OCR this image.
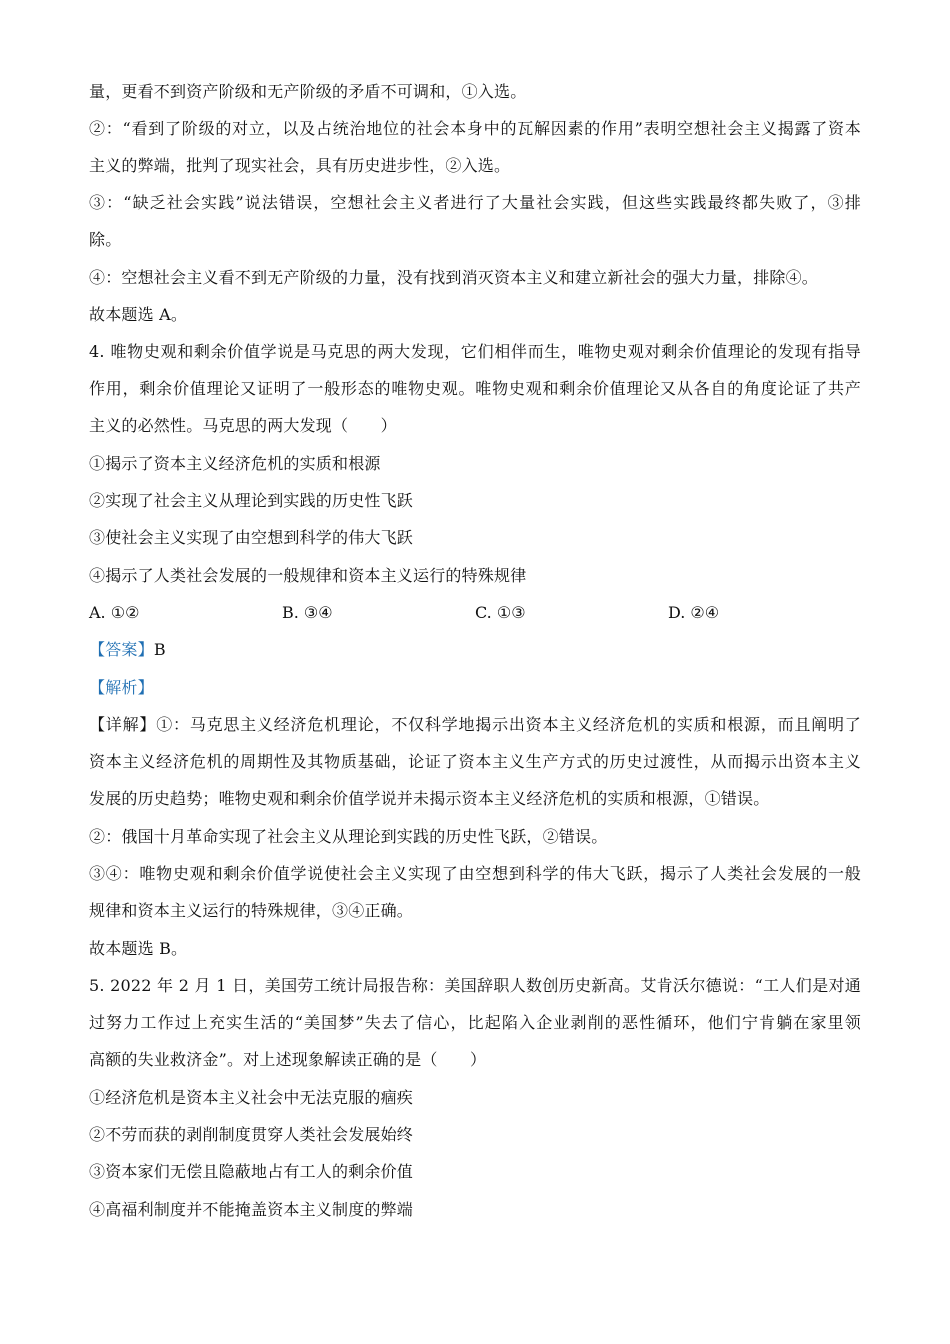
量，更看不到资产阶级和无产阶级的矛盾不可调和，①入选。
②：“看到了阶级的对立，以及占统治地位的社会本身中的瓦解因素的作用”表明空想社会主义揭露了资本
主义的弊端，批判了现实社会，具有历史进步性，②入选。
③：“缺乏社会实践”说法错误，空想社会主义者进行了大量社会实践，但这些实践最终都失败了，③排
除。
④：空想社会主义看不到无产阶级的力量，没有找到消灭资本主义和建立新社会的强大力量，排除④。
故本题选 A。
4. 唯物史观和剩余价值学说是马克思的两大发现，它们相伴而生，唯物史观对剩余价值理论的发现有指导
作用，剩余价值理论又证明了一般形态的唯物史观。唯物史观和剩余价值理论又从各自的角度论证了共产
主义的必然性。马克思的两大发现（　　）
①揭示了资本主义经济危机的实质和根源
②实现了社会主义从理论到实践的历史性飞跃
③使社会主义实现了由空想到科学的伟大飞跃
④揭示了人类社会发展的一般规律和资本主义运行的特殊规律
A. ①②	B. ③④	C. ①③	D. ②④
【答案】B
【解析】
【详解】①：马克思主义经济危机理论，不仅科学地揭示出资本主义经济危机的实质和根源，而且阐明了
资本主义经济危机的周期性及其物质基础，论证了资本主义生产方式的历史过渡性，从而揭示出资本主义
发展的历史趋势；唯物史观和剩余价值学说并未揭示资本主义经济危机的实质和根源，①错误。
②：俄国十月革命实现了社会主义从理论到实践的历史性飞跃，②错误。
③④：唯物史观和剩余价值学说使社会主义实现了由空想到科学的伟大飞跃，揭示了人类社会发展的一般
规律和资本主义运行的特殊规律，③④正确。
故本题选 B。
5. 2022 年 2 月 1 日，美国劳工统计局报告称：美国辞职人数创历史新高。艾肯沃尔德说：“工人们是对通
过努力工作过上充实生活的“美国梦”失去了信心，比起陷入企业剥削的恶性循环，他们宁肯躺在家里领
高额的失业救济金”。对上述现象解读正确的是（　　）
①经济危机是资本主义社会中无法克服的痼疾
②不劳而获的剥削制度贯穿人类社会发展始终
③资本家们无偿且隐蔽地占有工人的剩余价值
④高福利制度并不能掩盖资本主义制度的弊端
